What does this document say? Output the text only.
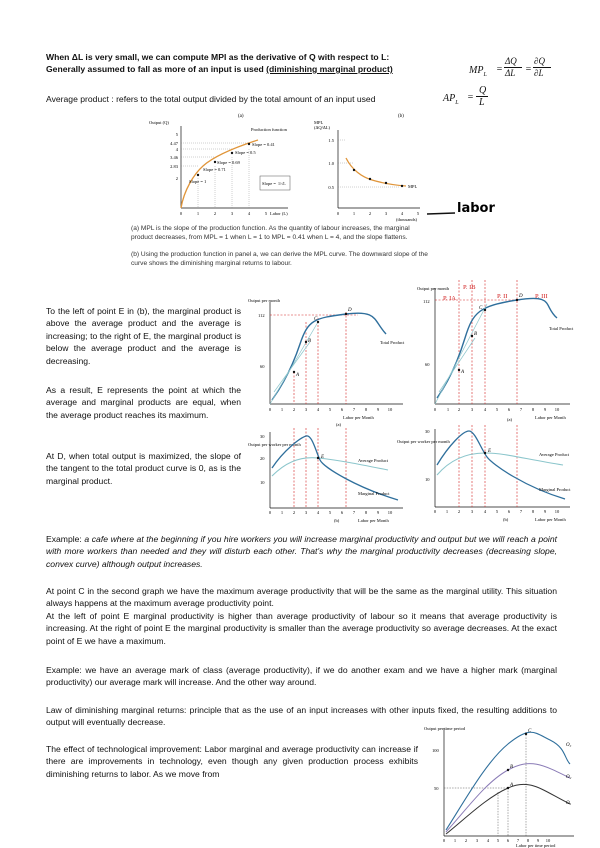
When ΔL is very small, we can compute MPl as the derivative of Q with respect to L:
Generally assumed to fall as more of an input is used (diminishing marginal product)	$MP_L$ =
ΔQ
ΔL =
∂Q
∂L
Average product : refers to the total output divided by the total amount of an input used	$AP_L$ =
Q
L
(a)
Output (Q)
Production function
Slope = 0.41
Slope = 0.5
Slope = 0.69
Slope = 0.71
Slope = 1	Slope = 1/√L
5
4.47
4
3.46
2.83
2
0	1	2	3	4	5 Labor (L)
(b)
MPL
(ΔQ/ΔL)
MPL
1.5
1.0
0.5
0	1	2	3	4	5
(thousands)
labor
(a) MPL is the slope of the production function. As the quantity of labour increases, the marginal product decreases, from MPL = 1 when L = 1 to MPL = 0.41 when L = 4, and the slope flattens.
(b) Using the production function in panel a, we can derive the MPL curve. The downward slope of the curve shows the diminishing marginal returns to labour.
To the left of point E in (b), the marginal product is above the average product and the average is increasing; to the right of E, the marginal product is below the average product and the average is decreasing.
As a result, E represents the point at which the average and marginal products are equal, when the average product reaches its maximum.
At D, when total output is maximized, the slope of the tangent to the total product curve is 0, as is the marginal product.
Output per month
A
B
C
D
112
60
Total Product
0 1 2 3 4 5 6 7 8 9 10
Labor per Month
(a)
Output per worker per month
E
30
20
10
Average Product
Marginal Product
0 1 2 3 4 5 6 7 8 9 10
(b)	Labor per Month
Output per month
A
B
C
D
P. IA
P. IB
P. II	P. III
112
60
Total Product
0 1 2 3 4 5 6 7 8 9 10
Labor per Month
(a)
Output per worker per month
E
30
10
Average Product
Marginal Product
0 1 2 3 4 5 6 7 8 9 10
(b)	Labor per Month
Example: a cafe where at the beginning if you hire workers you will increase marginal productivity and output but we will reach a point with more workers than needed and they will disturb each other. That's why the marginal productivity decreases (decreasing slope, convex curve) although output increases.
At point C in the second graph we have the maximum average productivity that will be the same as the marginal utility. This situation always happens at the maximum average productivity point.
At the left of point E marginal productivity is higher than average productivity of labour so it means that average productivity is increasing. At the right of point E the marginal productivity is smaller than the average productivity so average decreases. At the exact point of E we have a maximum.
Example: we have an average mark of class (average productivity), if we do another exam and we have a higher mark (marginal productivity) our average mark will increase. And the other way around.
Law of diminishing marginal returns: principle that as the use of an input increases with other inputs fixed, the resulting additions to output will eventually decrease.
The effect of technological improvement: Labor marginal and average productivity can increase if there are improvements in technology, even though any given production process exhibits diminishing returns to labor. As we move from
Output per time period
A
B
C
O₃
O₂
O₁
100
50
0 1 2 3 4 5 6 7 8 9 10
Labor per time period
